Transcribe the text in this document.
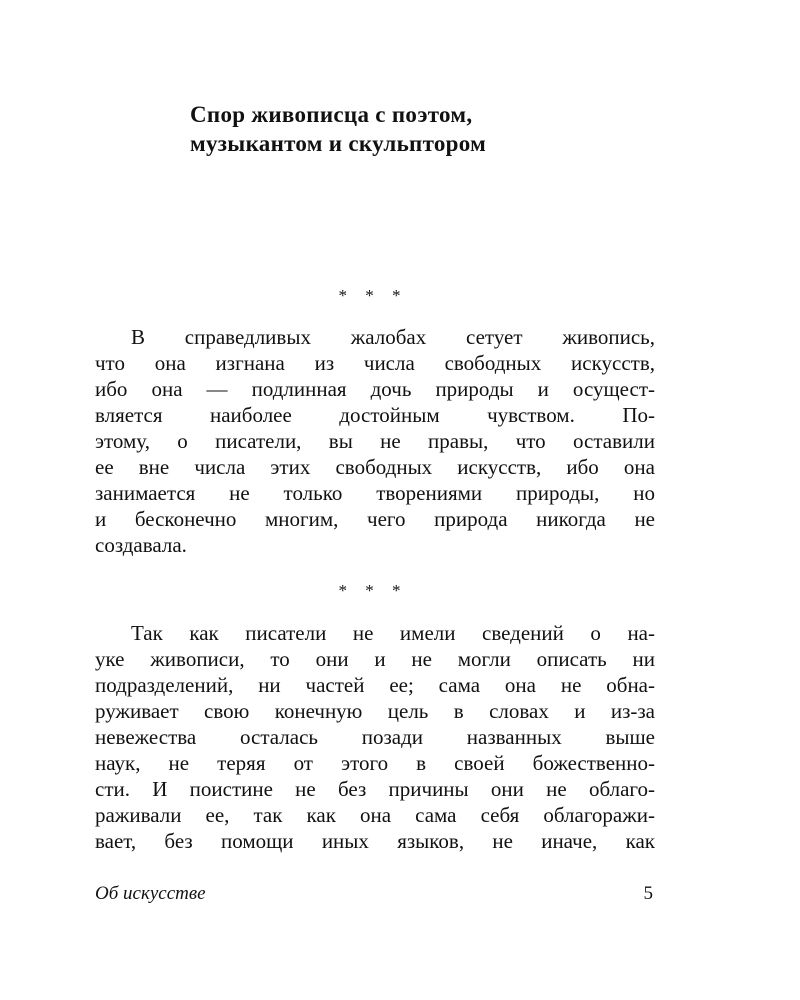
Спор живописца с поэтом,
музыкантом и скульптором
* * *
В справедливых жалобах сетует живопись,
что она изгнана из числа свободных искусств,
ибо она — подлинная дочь природы и осущест-
вляется наиболее достойным чувством. По-
этому, о писатели, вы не правы, что оставили
ее вне числа этих свободных искусств, ибо она
занимается не только творениями природы, но
и бесконечно многим, чего природа никогда не
создавала.
* * *
Так как писатели не имели сведений о на-
уке живописи, то они и не могли описать ни
подразделений, ни частей ее; сама она не обна-
руживает свою конечную цель в словах и из-за
невежества осталась позади названных выше
наук, не теряя от этого в своей божественно-
сти. И поистине не без причины они не облаго-
раживали ее, так как она сама себя облагоражи-
вает, без помощи иных языков, не иначе, как
Об искусстве	5
